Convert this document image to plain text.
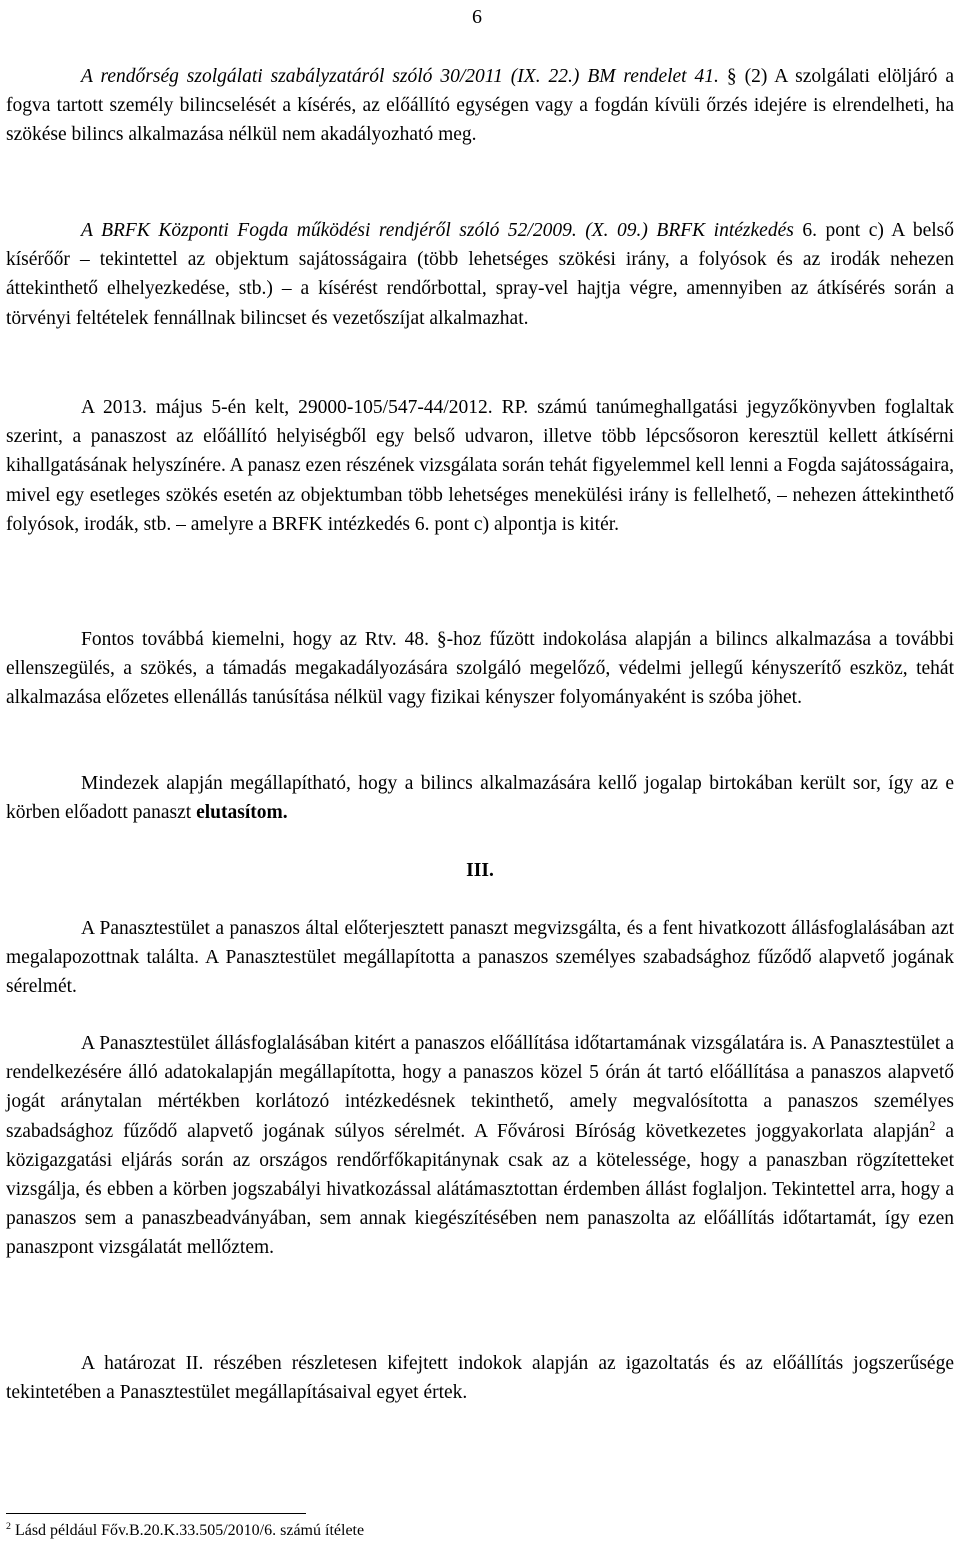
6

A rendőrség szolgálati szabályzatáról szóló 30/2011 (IX. 22.) BM rendelet 41. § (2) A szolgálati elöljáró a fogva tartott személy bilincselését a kísérés, az előállító egységen vagy a fogdán kívüli őrzés idejére is elrendelheti, ha szökése bilincs alkalmazása nélkül nem akadályozható meg.

A BRFK Központi Fogda működési rendjéről szóló 52/2009. (X. 09.) BRFK intézkedés 6. pont c) A belső kísérőőr – tekintettel az objektum sajátosságaira (több lehetséges szökési irány, a folyósok és az irodák nehezen áttekinthető elhelyezkedése, stb.) – a kísérést rendőrbottal, spray-vel hajtja végre, amennyiben az átkísérés során a törvényi feltételek fennállnak bilincset és vezetőszíjat alkalmazhat.

A 2013. május 5-én kelt, 29000-105/547-44/2012. RP. számú tanúmeghallgatási jegyzőkönyvben foglaltak szerint, a panaszost az előállító helyiségből egy belső udvaron, illetve több lépcsősoron keresztül kellett átkísérni kihallgatásának helyszínére. A panasz ezen részének vizsgálata során tehát figyelemmel kell lenni a Fogda sajátosságaira, mivel egy esetleges szökés esetén az objektumban több lehetséges menekülési irány is fellelhető, – nehezen áttekinthető folyósok, irodák, stb. – amelyre a BRFK intézkedés 6. pont c) alpontja is kitér.

Fontos továbbá kiemelni, hogy az Rtv. 48. §-hoz fűzött indokolása alapján a bilincs alkalmazása a további ellenszegülés, a szökés, a támadás megakadályozására szolgáló megelőző, védelmi jellegű kényszerítő eszköz, tehát alkalmazása előzetes ellenállás tanúsítása nélkül vagy fizikai kényszer folyományaként is szóba jöhet.

Mindezek alapján megállapítható, hogy a bilincs alkalmazására kellő jogalap birtokában került sor, így az e körben előadott panaszt elutasítom.

III.

A Panasztestület a panaszos által előterjesztett panaszt megvizsgálta, és a fent hivatkozott állásfoglalásában azt megalapozottnak találta. A Panasztestület megállapította a panaszos személyes szabadsághoz fűződő alapvető jogának sérelmét.

A Panasztestület állásfoglalásában kitért a panaszos előállítása időtartamának vizsgálatára is. A Panasztestület a rendelkezésére álló adatokalapján megállapította, hogy a panaszos közel 5 órán át tartó előállítása a panaszos alapvető jogát aránytalan mértékben korlátozó intézkedésnek tekinthető, amely megvalósította a panaszos személyes szabadsághoz fűződő alapvető jogának súlyos sérelmét. A Fővárosi Bíróság következetes joggyakorlata alapján$^2$ a közigazgatási eljárás során az országos rendőrfőkapitánynak csak az a kötelessége, hogy a panaszban rögzítetteket vizsgálja, és ebben a körben jogszabályi hivatkozással alátámasztottan érdemben állást foglaljon. Tekintettel arra, hogy a panaszos sem a panaszbeadványában, sem annak kiegészítésében nem panaszolta az előállítás időtartamát, így ezen panaszpont vizsgálatát mellőztem.

A határozat II. részében részletesen kifejtett indokok alapján az igazoltatás és az előállítás jogszerűsége tekintetében a Panasztestület megállapításaival egyet értek.

$^2$ Lásd például Főv.B.20.K.33.505/2010/6. számú ítélete
